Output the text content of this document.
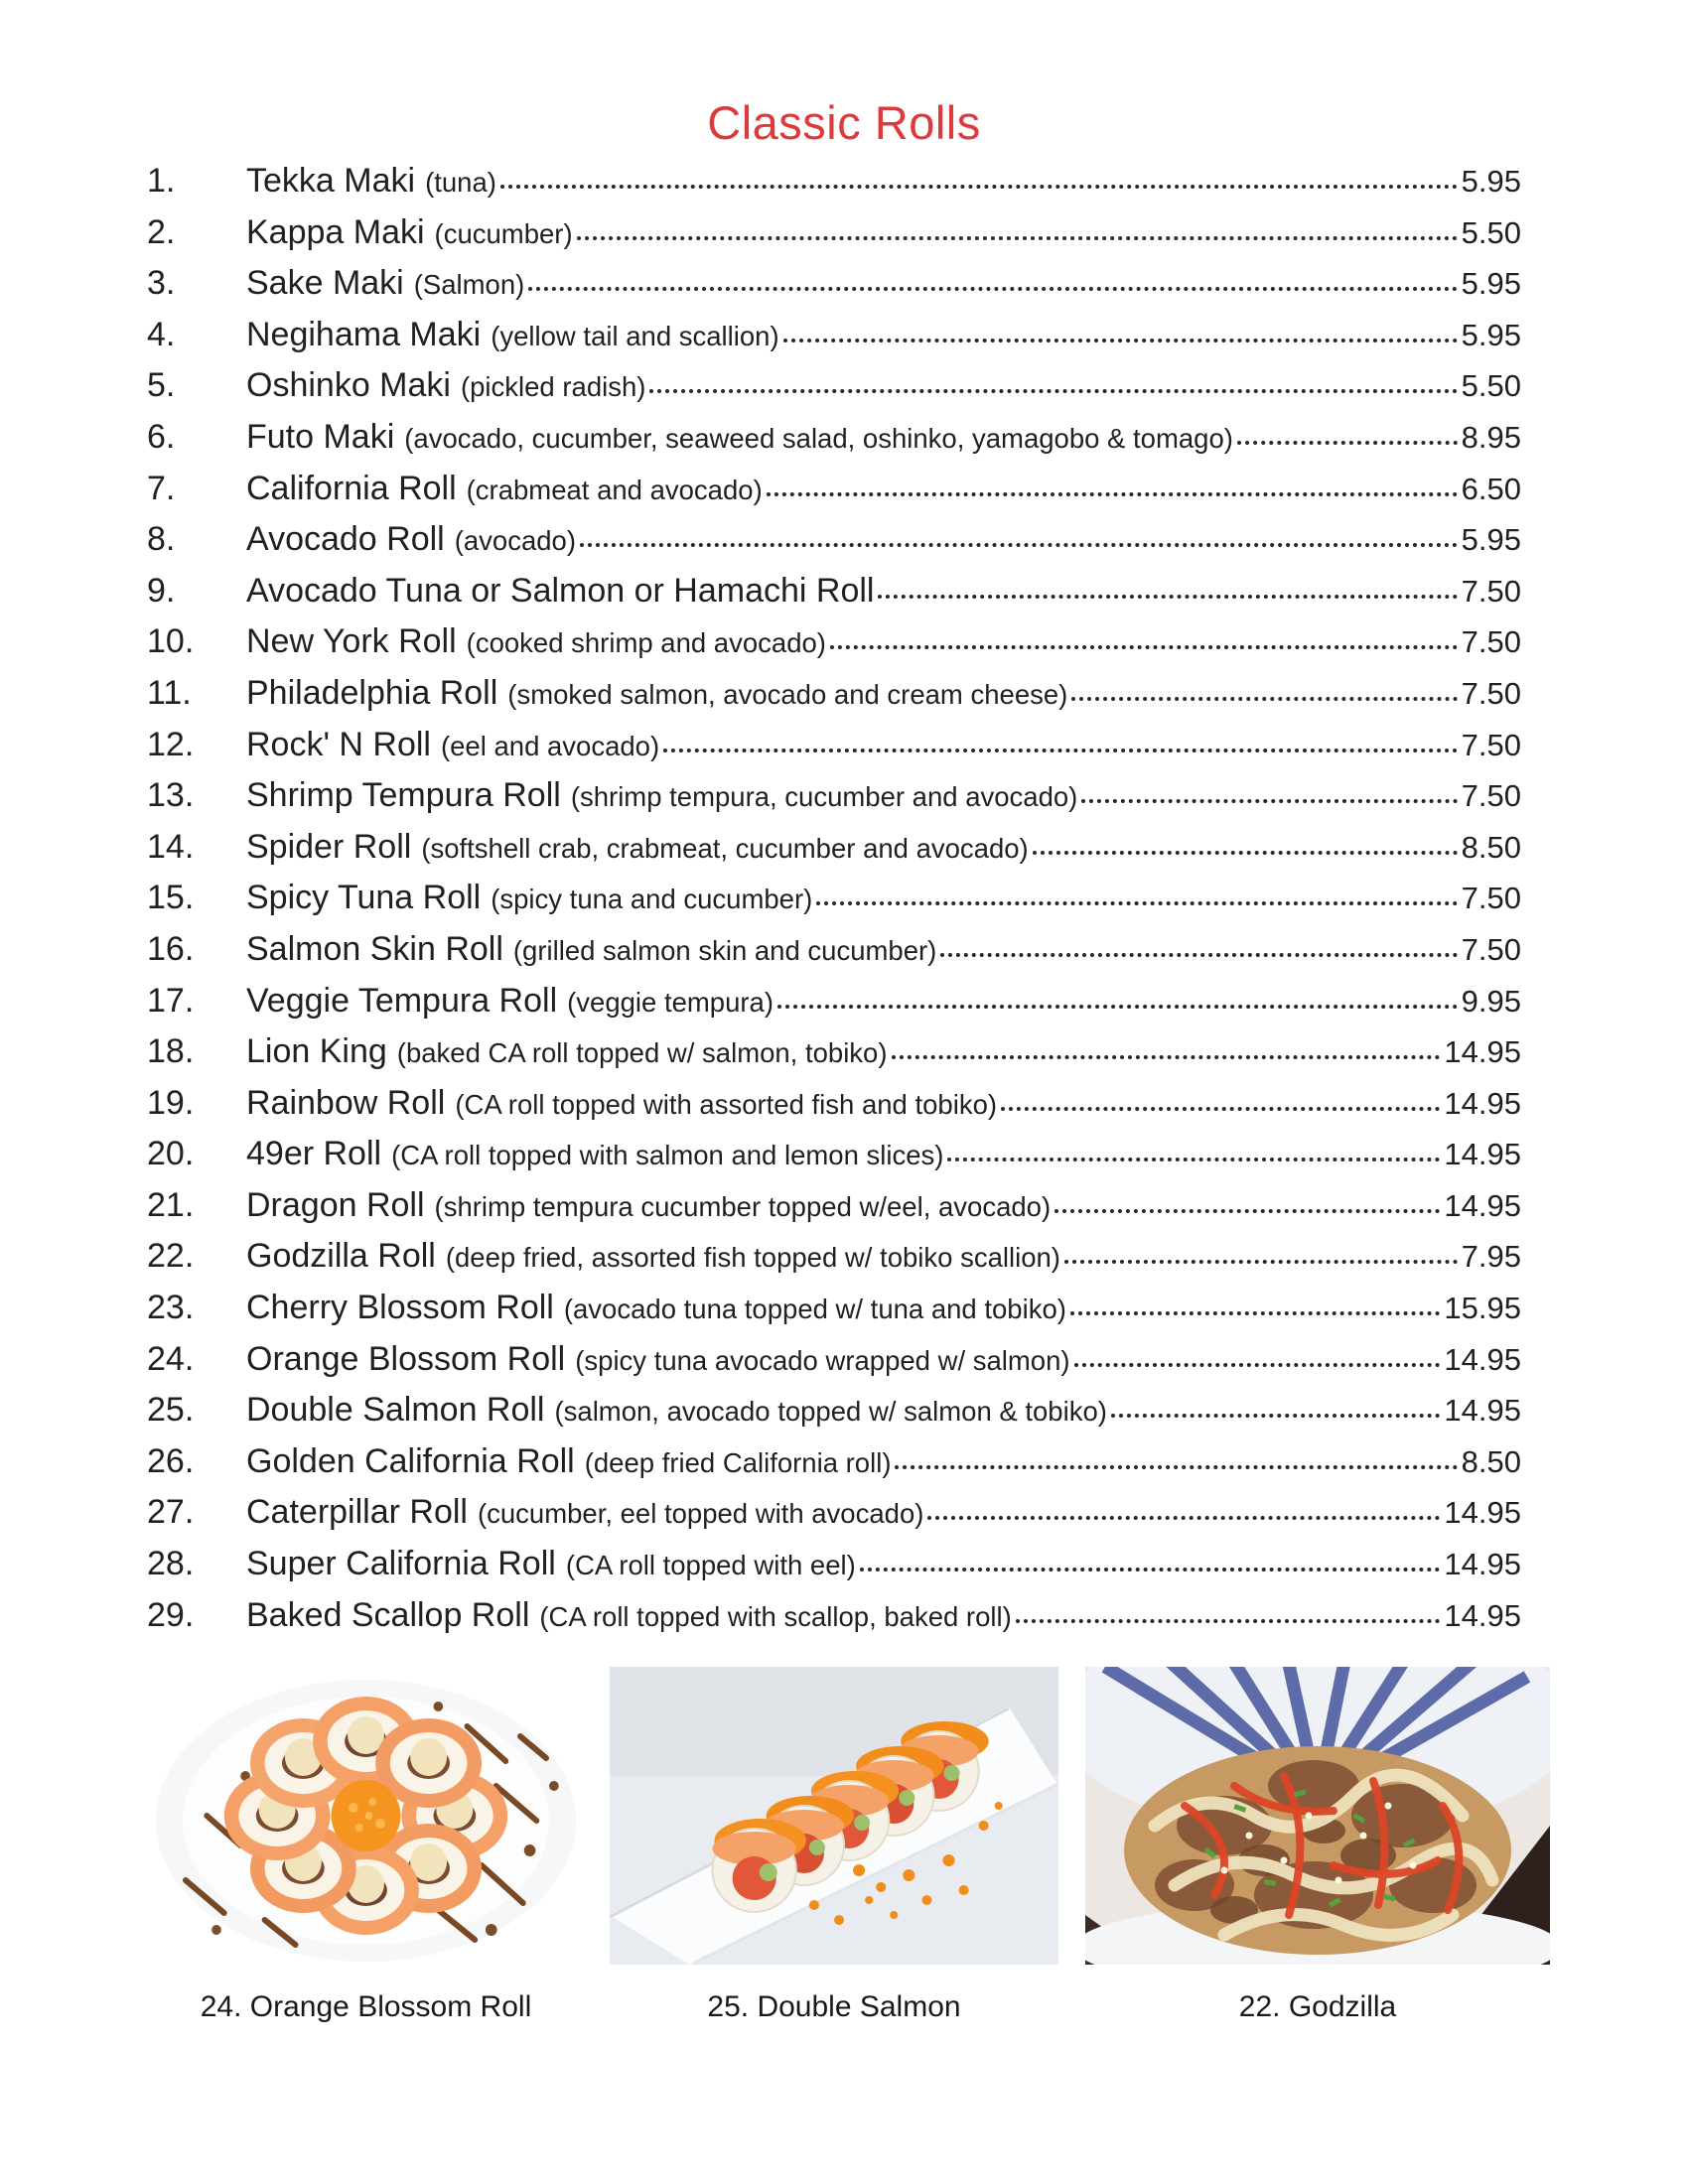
Classic Rolls
1.	Tekka Maki (tuna)	5.95
2.	Kappa Maki (cucumber)	5.50
3.	Sake Maki (Salmon)	5.95
4.	Negihama Maki (yellow tail and scallion)	5.95
5.	Oshinko Maki (pickled radish)	5.50
6.	Futo Maki (avocado, cucumber, seaweed salad, oshinko, yamagobo & tomago)	8.95
7.	California Roll (crabmeat and avocado)	6.50
8.	Avocado Roll (avocado)	5.95
9.	Avocado Tuna or Salmon or Hamachi Roll	7.50
10.	New York Roll (cooked shrimp and avocado)	7.50
11.	Philadelphia Roll (smoked salmon, avocado and cream cheese)	7.50
12.	Rock' N Roll (eel and avocado)	7.50
13.	Shrimp Tempura Roll (shrimp tempura, cucumber and avocado)	7.50
14.	Spider Roll (softshell crab, crabmeat, cucumber and avocado)	8.50
15.	Spicy Tuna Roll (spicy tuna and cucumber)	7.50
16.	Salmon Skin Roll (grilled salmon skin and cucumber)	7.50
17.	Veggie Tempura Roll (veggie tempura)	9.95
18.	Lion King (baked CA roll topped w/ salmon, tobiko)	14.95
19.	Rainbow Roll (CA roll topped with assorted fish and tobiko)	14.95
20.	49er Roll (CA roll topped with salmon and lemon slices)	14.95
21.	Dragon Roll (shrimp tempura cucumber topped w/eel, avocado)	14.95
22.	Godzilla Roll (deep fried, assorted fish topped w/ tobiko scallion)	7.95
23.	Cherry Blossom Roll (avocado tuna topped w/ tuna and tobiko)	15.95
24.	Orange Blossom Roll (spicy tuna avocado wrapped w/ salmon)	14.95
25.	Double Salmon Roll (salmon, avocado topped w/ salmon & tobiko)	14.95
26.	Golden California Roll (deep fried California roll)	8.50
27.	Caterpillar Roll (cucumber, eel topped with avocado)	14.95
28.	Super California Roll (CA roll topped with eel)	14.95
29.	Baked Scallop Roll (CA roll topped with scallop, baked roll)	14.95
24. Orange Blossom Roll	25. Double Salmon	22. Godzilla
